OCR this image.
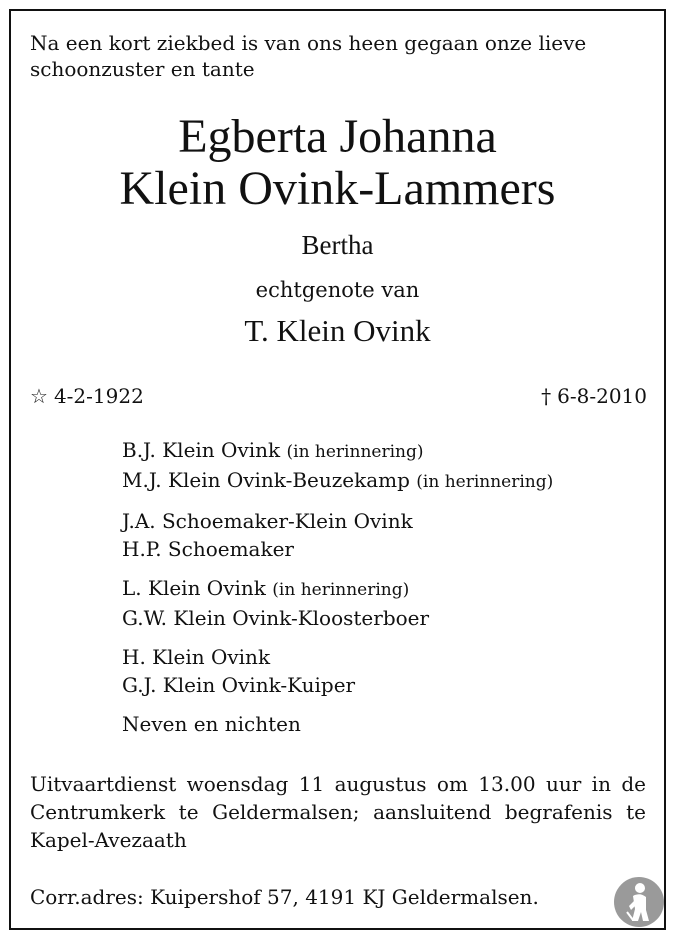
Na een kort ziekbed is van ons heen gegaan onze lieve schoonzuster en tante
Egberta Johanna
Klein Ovink-Lammers
Bertha
echtgenote van
T. Klein Ovink
☆ 4-2-1922	† 6-8-2010
B.J. Klein Ovink (in herinnering)
M.J. Klein Ovink-Beuzekamp (in herinnering)
J.A. Schoemaker-Klein Ovink
H.P. Schoemaker
L. Klein Ovink (in herinnering)
G.W. Klein Ovink-Kloosterboer
H. Klein Ovink
G.J. Klein Ovink-Kuiper
Neven en nichten
Uitvaartdienst woensdag 11 augustus om 13.00 uur in de Centrumkerk te Geldermalsen; aansluitend begrafenis te Kapel-Avezaath
Corr.adres: Kuipershof 57, 4191 KJ Geldermalsen.
